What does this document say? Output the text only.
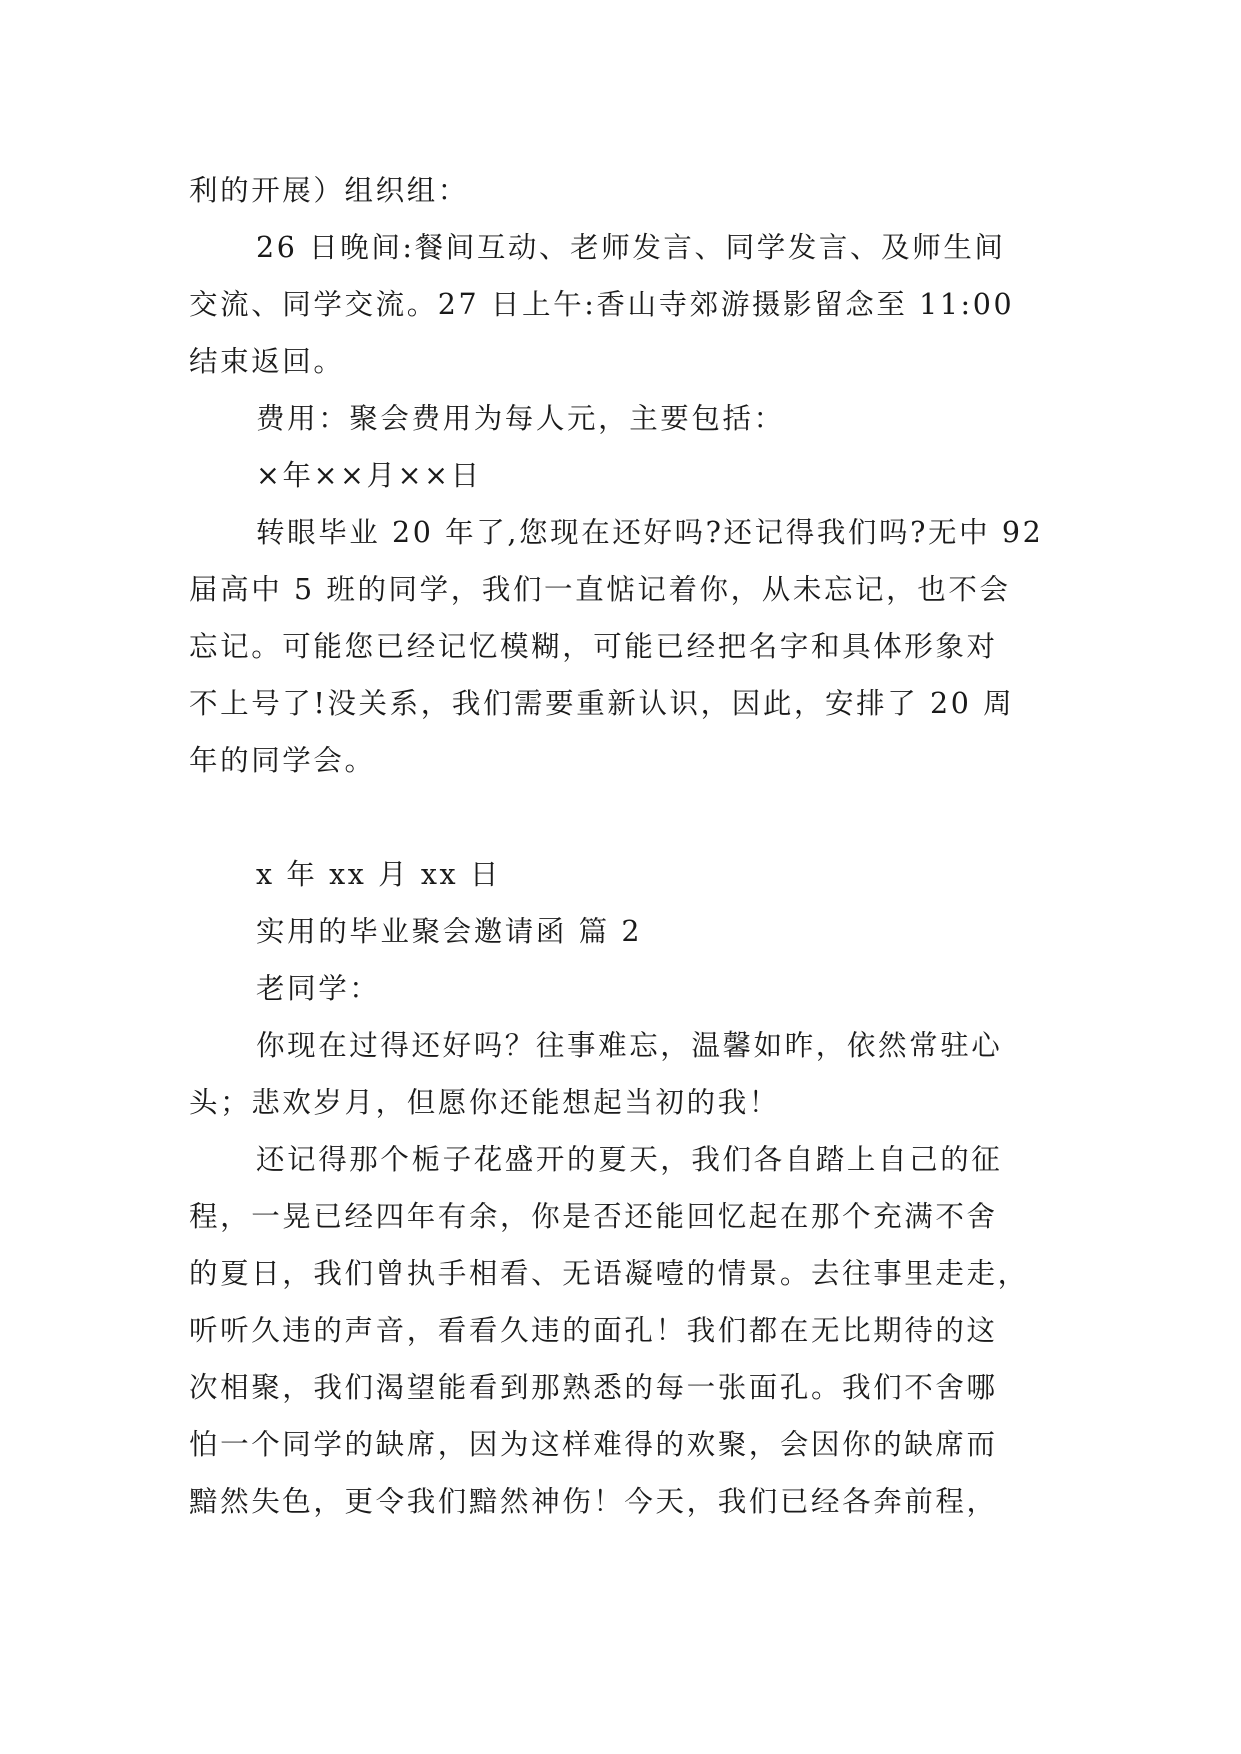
利的开展）组织组：

26 日晚间:餐间互动、老师发言、同学发言、及师生间

交流、同学交流。27 日上午:香山寺郊游摄影留念至 11:00

结束返回。

费用：聚会费用为每人元，主要包括：

×年××月××日

转眼毕业 20 年了,您现在还好吗?还记得我们吗?无中 92

届高中 5 班的同学，我们一直惦记着你，从未忘记，也不会

忘记。可能您已经记忆模糊，可能已经把名字和具体形象对

不上号了!没关系，我们需要重新认识，因此，安排了 20 周

年的同学会。

x 年 xx 月 xx 日

实用的毕业聚会邀请函 篇 2

老同学：

你现在过得还好吗？往事难忘，温馨如昨，依然常驻心

头；悲欢岁月，但愿你还能想起当初的我！

还记得那个栀子花盛开的夏天，我们各自踏上自己的征

程，一晃已经四年有余，你是否还能回忆起在那个充满不舍

的夏日，我们曾执手相看、无语凝噎的情景。去往事里走走，

听听久违的声音，看看久违的面孔！我们都在无比期待的这

次相聚，我们渴望能看到那熟悉的每一张面孔。我们不舍哪

怕一个同学的缺席，因为这样难得的欢聚，会因你的缺席而

黯然失色，更令我们黯然神伤！今天，我们已经各奔前程，
